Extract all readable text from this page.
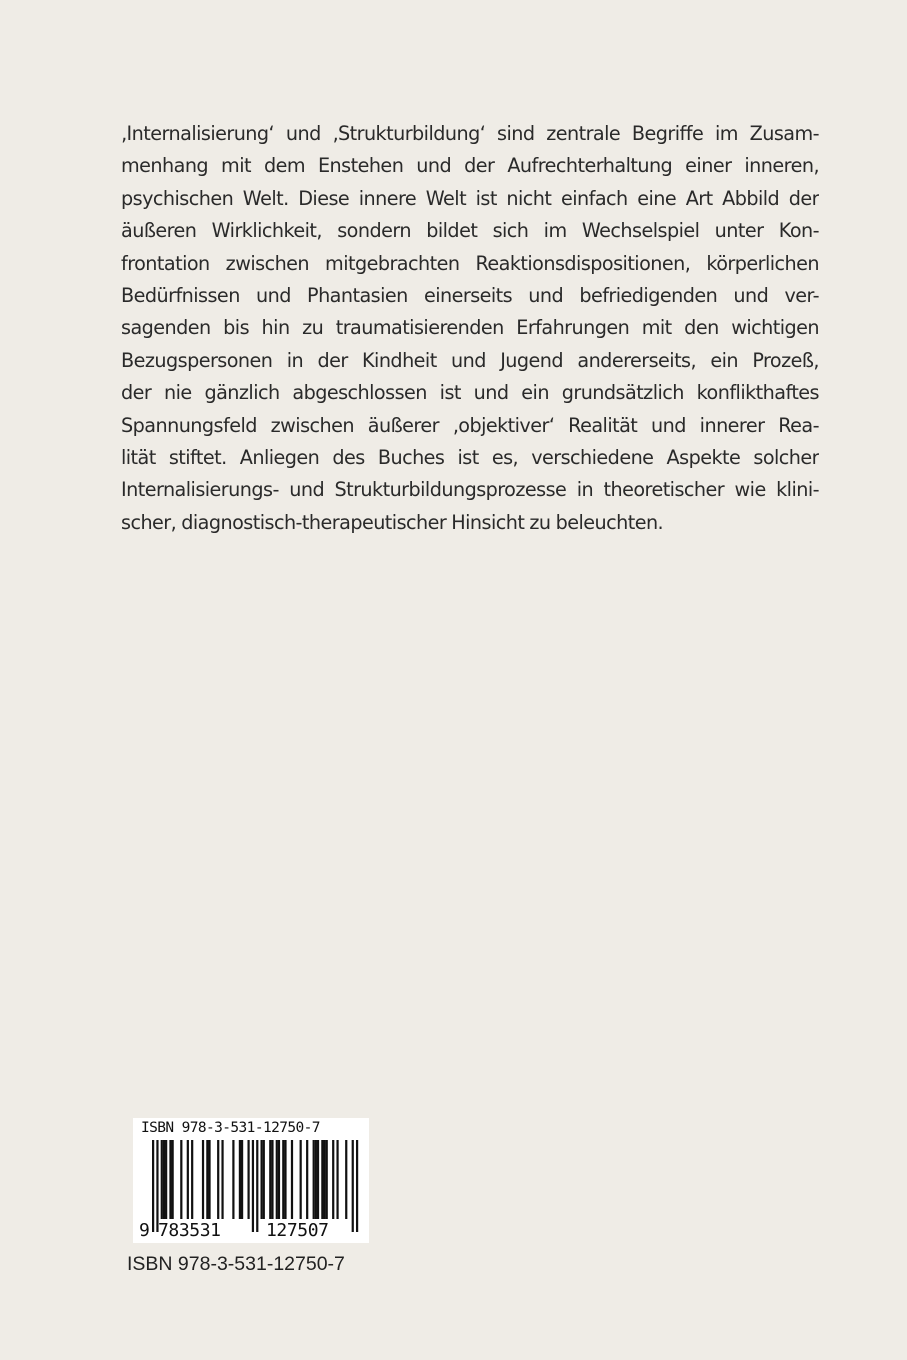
‚Internalisierung‘ und ‚Strukturbildung‘ sind zentrale Begriffe im Zusam-
menhang mit dem Enstehen und der Aufrechterhaltung einer inneren,
psychischen Welt. Diese innere Welt ist nicht einfach eine Art Abbild der
äußeren Wirklichkeit, sondern bildet sich im Wechselspiel unter Kon-
frontation zwischen mitgebrachten Reaktionsdispositionen, körperlichen
Bedürfnissen und Phantasien einerseits und befriedigenden und ver-
sagenden bis hin zu traumatisierenden Erfahrungen mit den wichtigen
Bezugspersonen in der Kindheit und Jugend andererseits, ein Prozeß,
der nie gänzlich abgeschlossen ist und ein grundsätzlich konflikthaftes
Spannungsfeld zwischen äußerer ‚objektiver‘ Realität und innerer Rea-
lität stiftet. Anliegen des Buches ist es, verschiedene Aspekte solcher
Internalisierungs- und Strukturbildungsprozesse in theoretischer wie klini-
scher, diagnostisch-therapeutischer Hinsicht zu beleuchten.
ISBN 978-3-531-12750-7
9 783531	127507
ISBN 978-3-531-12750-7
